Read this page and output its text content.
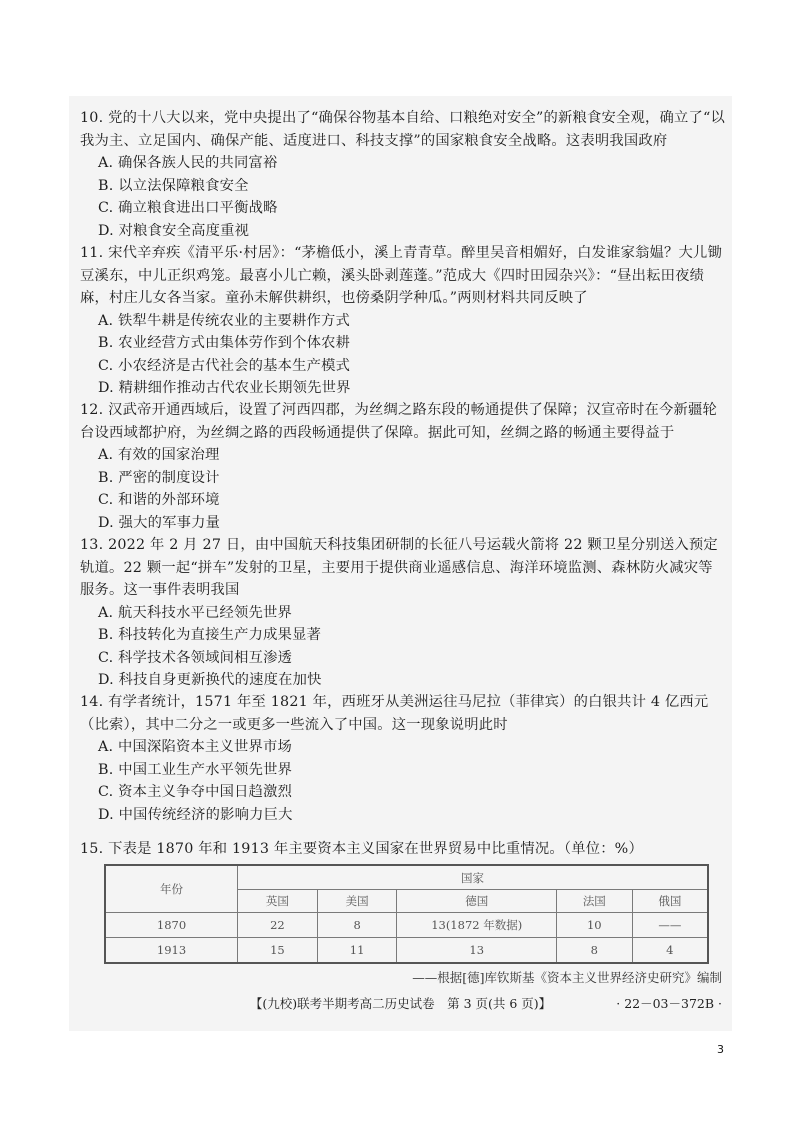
10. 党的十八大以来，党中央提出了“确保谷物基本自给、口粮绝对安全”的新粮食安全观，确立了“以我为主、立足国内、确保产能、适度进口、科技支撑”的国家粮食安全战略。这表明我国政府

A. 确保各族人民的共同富裕
B. 以立法保障粮食安全
C. 确立粮食进出口平衡战略
D. 对粮食安全高度重视

11. 宋代辛弃疾《清平乐·村居》：“茅檐低小，溪上青青草。醉里吴音相媚好，白发谁家翁媪？大儿锄豆溪东，中儿正织鸡笼。最喜小儿亡赖，溪头卧剥莲蓬。”范成大《四时田园杂兴》：“昼出耘田夜绩麻，村庄儿女各当家。童孙未解供耕织，也傍桑阴学种瓜。”两则材料共同反映了

A. 铁犁牛耕是传统农业的主要耕作方式
B. 农业经营方式由集体劳作到个体农耕
C. 小农经济是古代社会的基本生产模式
D. 精耕细作推动古代农业长期领先世界

12. 汉武帝开通西域后，设置了河西四郡，为丝绸之路东段的畅通提供了保障；汉宣帝时在今新疆轮台设西域都护府，为丝绸之路的西段畅通提供了保障。据此可知，丝绸之路的畅通主要得益于

A. 有效的国家治理
B. 严密的制度设计
C. 和谐的外部环境
D. 强大的军事力量

13. 2022 年 2 月 27 日，由中国航天科技集团研制的长征八号运载火箭将 22 颗卫星分别送入预定轨道。22 颗一起“拼车”发射的卫星，主要用于提供商业遥感信息、海洋环境监测、森林防火减灾等服务。这一事件表明我国

A. 航天科技水平已经领先世界
B. 科技转化为直接生产力成果显著
C. 科学技术各领域间相互渗透
D. 科技自身更新换代的速度在加快

14. 有学者统计，1571 年至 1821 年，西班牙从美洲运往马尼拉（菲律宾）的白银共计 4 亿西元（比索），其中二分之一或更多一些流入了中国。这一现象说明此时

A. 中国深陷资本主义世界市场
B. 中国工业生产水平领先世界
C. 资本主义争夺中国日趋激烈
D. 中国传统经济的影响力巨大

15. 下表是 1870 年和 1913 年主要资本主义国家在世界贸易中比重情况。（单位：%）

年份	国家				
	英国	美国	德国	法国	俄国
1870	22	8	13(1872 年数据)	10	——
1913	15	11	13	8	4
——根据[德]库钦斯基《资本主义世界经济史研究》编制
【(九校)联考半期考高二历史试卷　第 3 页(共 6 页)】	· 22－03－372B ·
3
